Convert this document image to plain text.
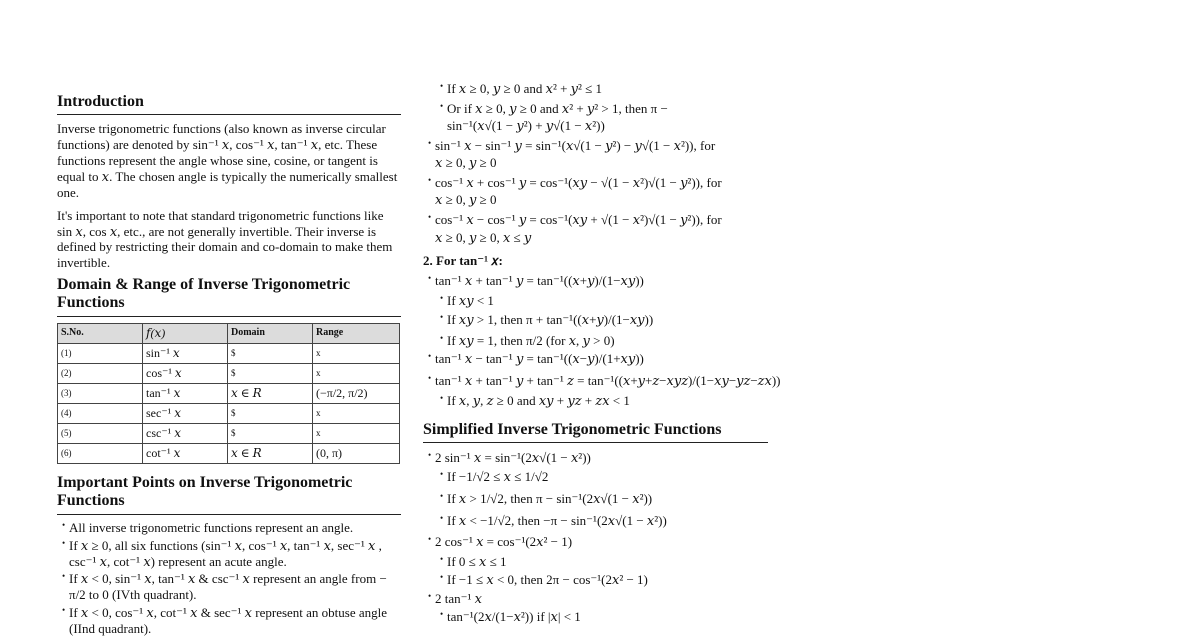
Introduction

Inverse trigonometric functions (also known as inverse circular functions) are denoted by sin⁻¹ 𝑥, cos⁻¹ 𝑥, tan⁻¹ 𝑥, etc. These functions represent the angle whose sine, cosine, or tangent is equal to 𝑥. The chosen angle is typically the numerically smallest one.

It's important to note that standard trigonometric functions like sin 𝑥, cos 𝑥, etc., are not generally invertible. Their inverse is defined by restricting their domain and co-domain to make them invertible.

Domain & Range of Inverse Trigonometric Functions
S.No.	𝑓(𝑥)	Domain	Range
(1)	sin⁻¹ 𝑥	$	x
(2)	cos⁻¹ 𝑥	$	x
(3)	tan⁻¹ 𝑥	𝑥 ∈ 𝑅	(−π/2, π/2)
(4)	sec⁻¹ 𝑥	$	x
(5)	csc⁻¹ 𝑥	$	x
(6)	cot⁻¹ 𝑥	𝑥 ∈ 𝑅	(0, π)
Important Points on Inverse Trigonometric Functions
• All inverse trigonometric functions represent an angle.
• If 𝑥 ≥ 0, all six functions (sin⁻¹ 𝑥, cos⁻¹ 𝑥, tan⁻¹ 𝑥, sec⁻¹ 𝑥 , csc⁻¹ 𝑥, cot⁻¹ 𝑥) represent an acute angle.
• If 𝑥 < 0, sin⁻¹ 𝑥, tan⁻¹ 𝑥 & csc⁻¹ 𝑥 represent an angle from − π/2 to 0 (IVth quadrant).
• If 𝑥 < 0, cos⁻¹ 𝑥, cot⁻¹ 𝑥 & sec⁻¹ 𝑥 represent an obtuse angle (IInd quadrant).
• If 𝑥 ≥ 0, 𝑦 ≥ 0 and 𝑥² + 𝑦² ≤ 1
• Or if 𝑥 ≥ 0, 𝑦 ≥ 0 and 𝑥² + 𝑦² > 1, then π −
sin⁻¹(𝑥√(1 − 𝑦²) + 𝑦√(1 − 𝑥²))
• sin⁻¹ 𝑥 − sin⁻¹ 𝑦 = sin⁻¹(𝑥√(1 − 𝑦²) − 𝑦√(1 − 𝑥²)), for
𝑥 ≥ 0, 𝑦 ≥ 0
• cos⁻¹ 𝑥 + cos⁻¹ 𝑦 = cos⁻¹(𝑥𝑦 − √(1 − 𝑥²)√(1 − 𝑦²)), for
𝑥 ≥ 0, 𝑦 ≥ 0
• cos⁻¹ 𝑥 − cos⁻¹ 𝑦 = cos⁻¹(𝑥𝑦 + √(1 − 𝑥²)√(1 − 𝑦²)), for
𝑥 ≥ 0, 𝑦 ≥ 0, 𝑥 ≤ 𝑦
2. For tan⁻¹ 𝑥:
• tan⁻¹ 𝑥 + tan⁻¹ 𝑦 = tan⁻¹((𝑥+𝑦)/(1−𝑥𝑦))
• If 𝑥𝑦 < 1
• If 𝑥𝑦 > 1, then π + tan⁻¹((𝑥+𝑦)/(1−𝑥𝑦))
• If 𝑥𝑦 = 1, then π/2 (for 𝑥, 𝑦 > 0)
• tan⁻¹ 𝑥 − tan⁻¹ 𝑦 = tan⁻¹((𝑥−𝑦)/(1+𝑥𝑦))
• tan⁻¹ 𝑥 + tan⁻¹ 𝑦 + tan⁻¹ 𝑧 = tan⁻¹((𝑥+𝑦+𝑧−𝑥𝑦𝑧)/(1−𝑥𝑦−𝑦𝑧−𝑧𝑥))
• If 𝑥, 𝑦, 𝑧 ≥ 0 and 𝑥𝑦 + 𝑦𝑧 + 𝑧𝑥 < 1
Simplified Inverse Trigonometric Functions
• 2 sin⁻¹ 𝑥 = sin⁻¹(2𝑥√(1 − 𝑥²))
• If −1/√2 ≤ 𝑥 ≤ 1/√2
• If 𝑥 > 1/√2, then π − sin⁻¹(2𝑥√(1 − 𝑥²))
• If 𝑥 < −1/√2, then −π − sin⁻¹(2𝑥√(1 − 𝑥²))
• 2 cos⁻¹ 𝑥 = cos⁻¹(2𝑥² − 1)
• If 0 ≤ 𝑥 ≤ 1
• If −1 ≤ 𝑥 < 0, then 2π − cos⁻¹(2𝑥² − 1)
• 2 tan⁻¹ 𝑥
• tan⁻¹(2𝑥/(1−𝑥²)) if |𝑥| < 1
